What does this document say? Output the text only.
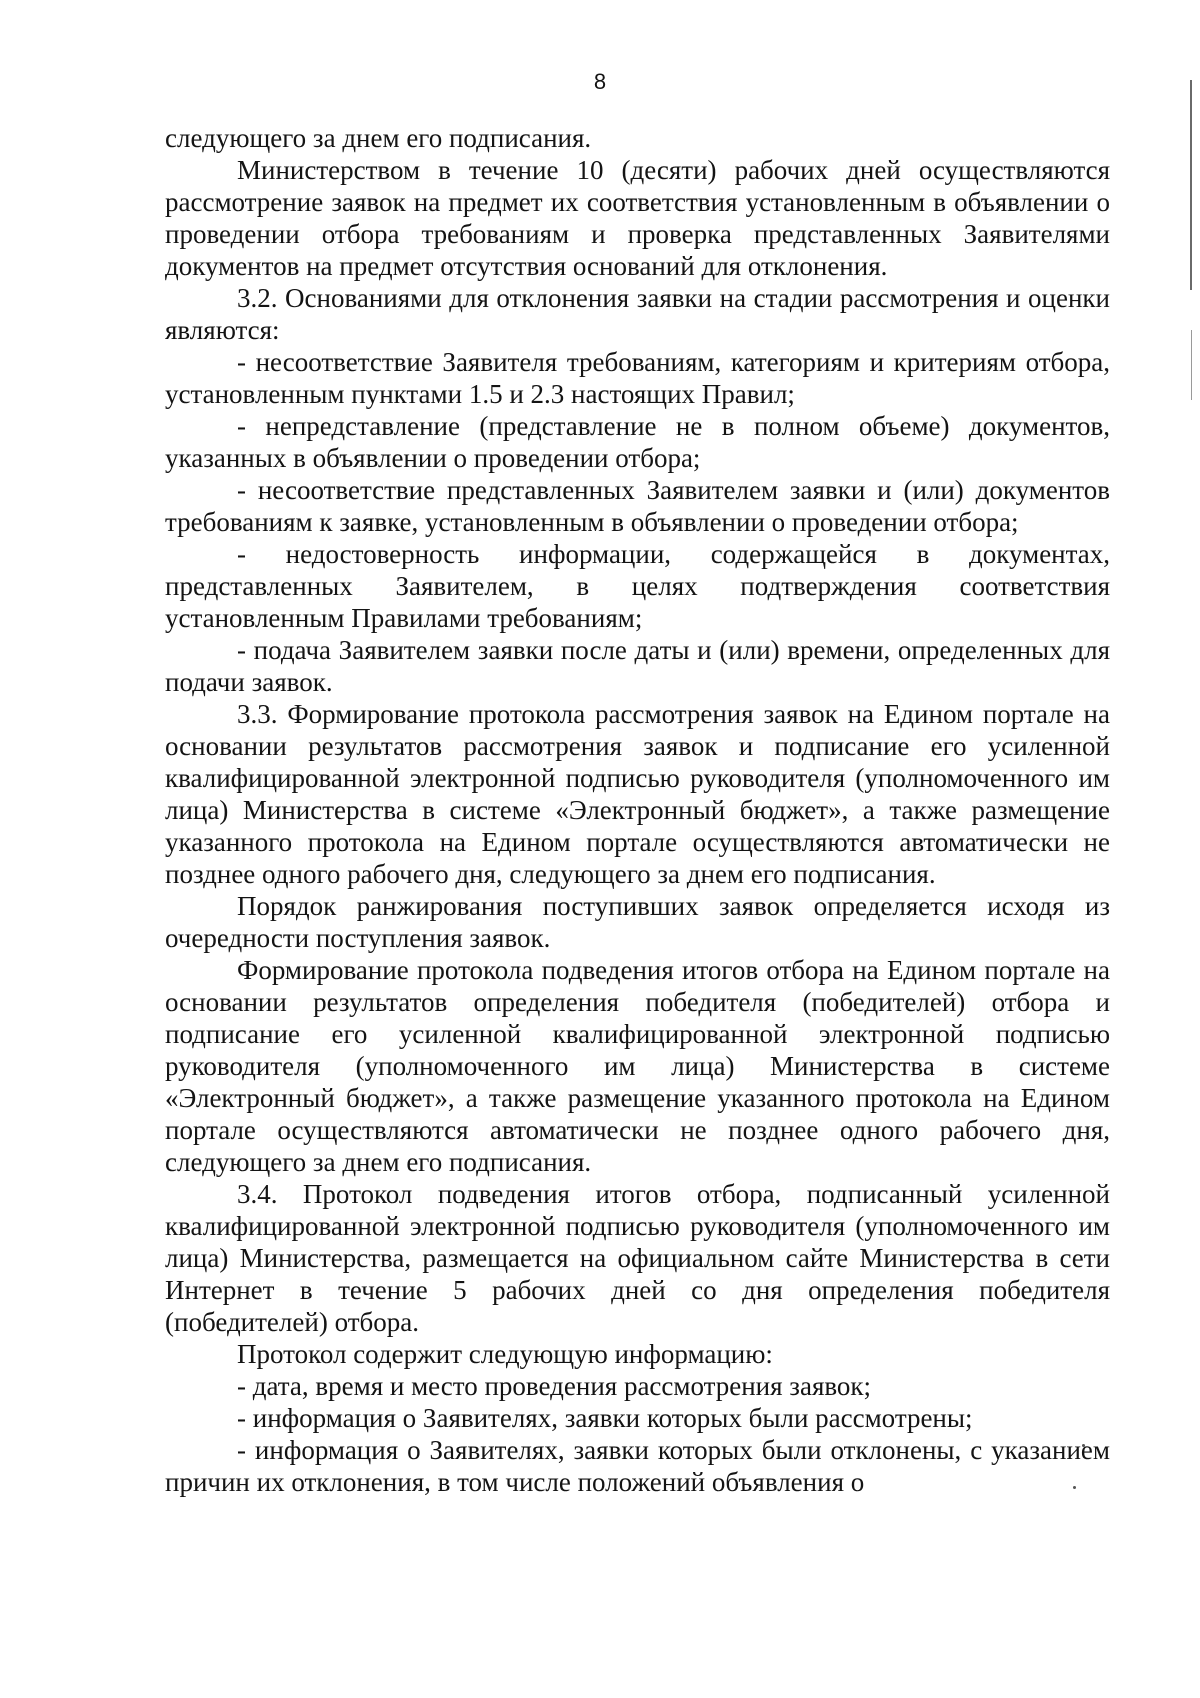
8

следующего за днем его подписания.

Министерством в течение 10 (десяти) рабочих дней осуществляются рассмотрение заявок на предмет их соответствия установленным в объявлении о проведении отбора требованиям и проверка представленных Заявителями документов на предмет отсутствия оснований для отклонения.

3.2. Основаниями для отклонения заявки на стадии рассмотрения и оценки являются:

- несоответствие Заявителя требованиям, категориям и критериям отбора, установленным пунктами 1.5 и 2.3 настоящих Правил;

- непредставление (представление не в полном объеме) документов, указанных в объявлении о проведении отбора;

- несоответствие представленных Заявителем заявки и (или) документов требованиям к заявке, установленным в объявлении о проведении отбора;

- недостоверность информации, содержащейся в документах, представленных Заявителем, в целях подтверждения соответствия установленным Правилами требованиям;

- подача Заявителем заявки после даты и (или) времени, определенных для подачи заявок.

3.3. Формирование протокола рассмотрения заявок на Едином портале на основании результатов рассмотрения заявок и подписание его усиленной квалифицированной электронной подписью руководителя (уполномоченного им лица) Министерства в системе «Электронный бюджет», а также размещение указанного протокола на Едином портале осуществляются автоматически не позднее одного рабочего дня, следующего за днем его подписания.

Порядок ранжирования поступивших заявок определяется исходя из очередности поступления заявок.

Формирование протокола подведения итогов отбора на Едином портале на основании результатов определения победителя (победителей) отбора и подписание его усиленной квалифицированной электронной подписью руководителя (уполномоченного им лица) Министерства в системе «Электронный бюджет», а также размещение указанного протокола на Едином портале осуществляются автоматически не позднее одного рабочего дня, следующего за днем его подписания.

3.4. Протокол подведения итогов отбора, подписанный усиленной квалифицированной электронной подписью руководителя (уполномоченного им лица) Министерства, размещается на официальном сайте Министерства в сети Интернет в течение 5 рабочих дней со дня определения победителя (победителей) отбора.

Протокол содержит следующую информацию:

- дата, время и место проведения рассмотрения заявок;

- информация о Заявителях, заявки которых были рассмотрены;

- информация о Заявителях, заявки которых были отклонены, с указанием причин их отклонения, в том числе положений объявления о
